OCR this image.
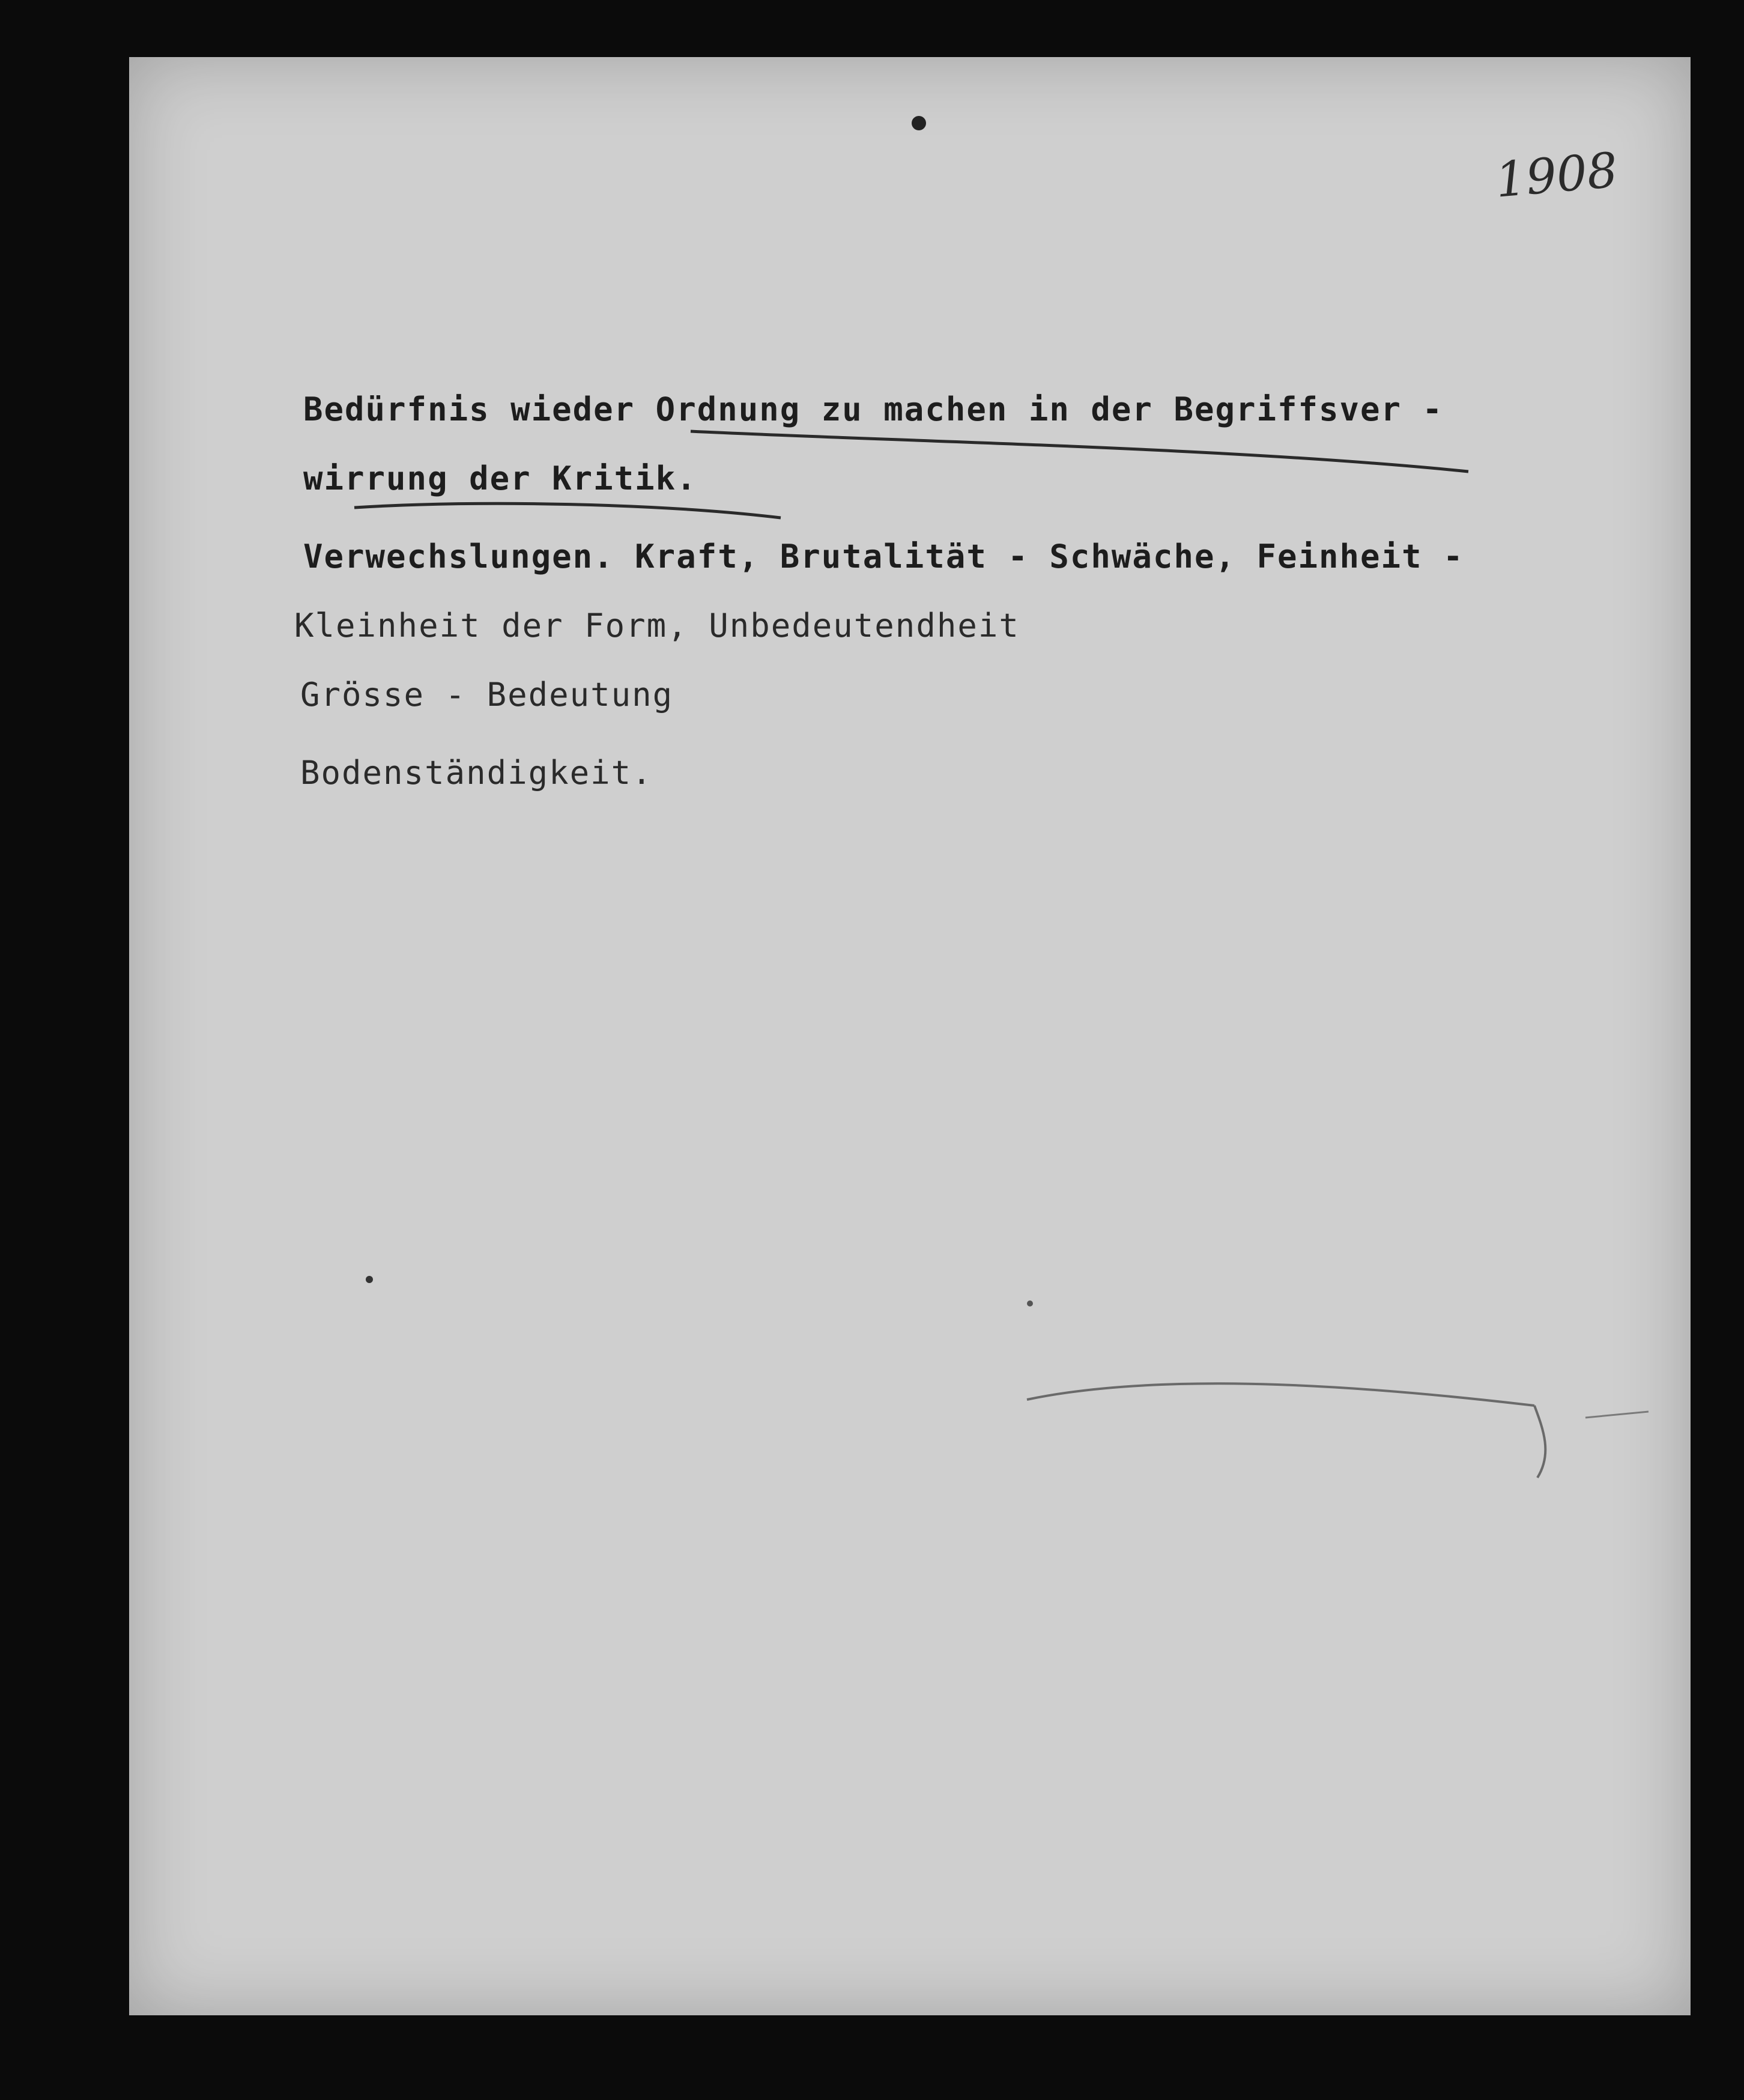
1908

Bedürfnis wieder Ordnung zu machen in der Begriffsver -

wirrung der Kritik.

Verwechslungen. Kraft, Brutalität - Schwäche, Feinheit -

Kleinheit der Form, Unbedeutendheit

Grösse - Bedeutung

Bodenständigkeit.
